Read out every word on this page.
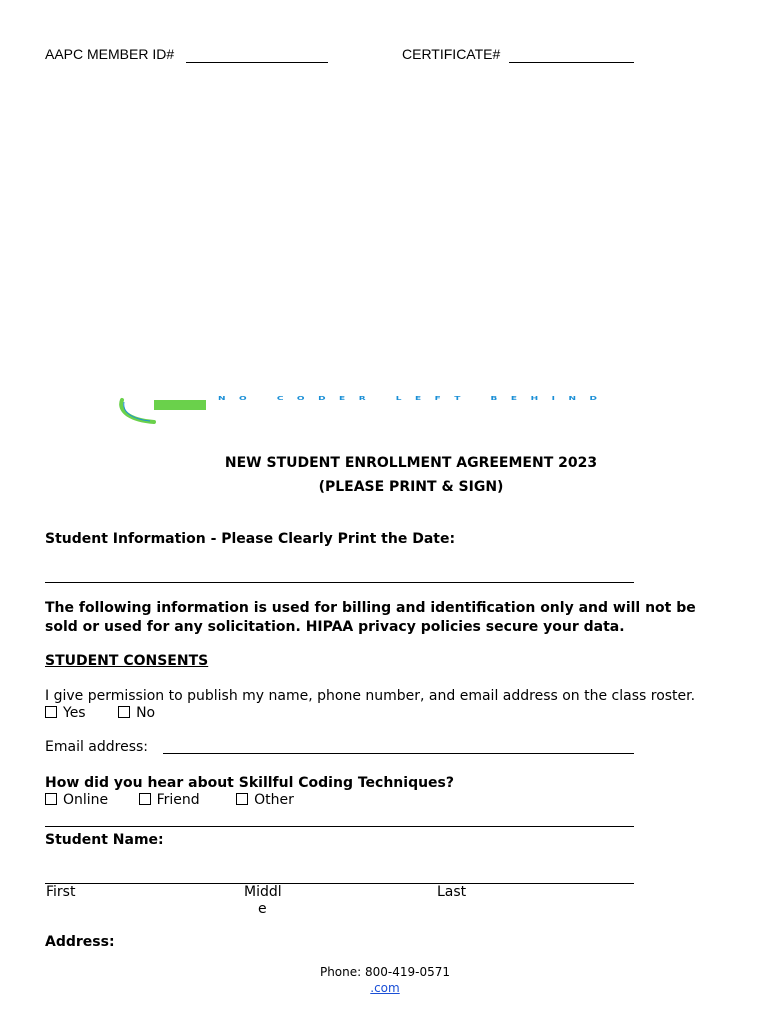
AAPC MEMBER ID#	CERTIFICATE#
NO CODER LEFT BEHIND
NEW STUDENT ENROLLMENT AGREEMENT 2023
(PLEASE PRINT & SIGN)
Student Information - Please Clearly Print the Date:
The following information is used for billing and identification only and will not be
sold or used for any solicitation. HIPAA privacy policies secure your data.
STUDENT CONSENTS
I give permission to publish my name, phone number, and email address on the class roster.
Yes	No
Email address:
How did you hear about Skillful Coding Techniques?
Online	Friend	Other
Student Name:
First	Middl
e
Last
Address:
Phone: 800-419-0571
.com
